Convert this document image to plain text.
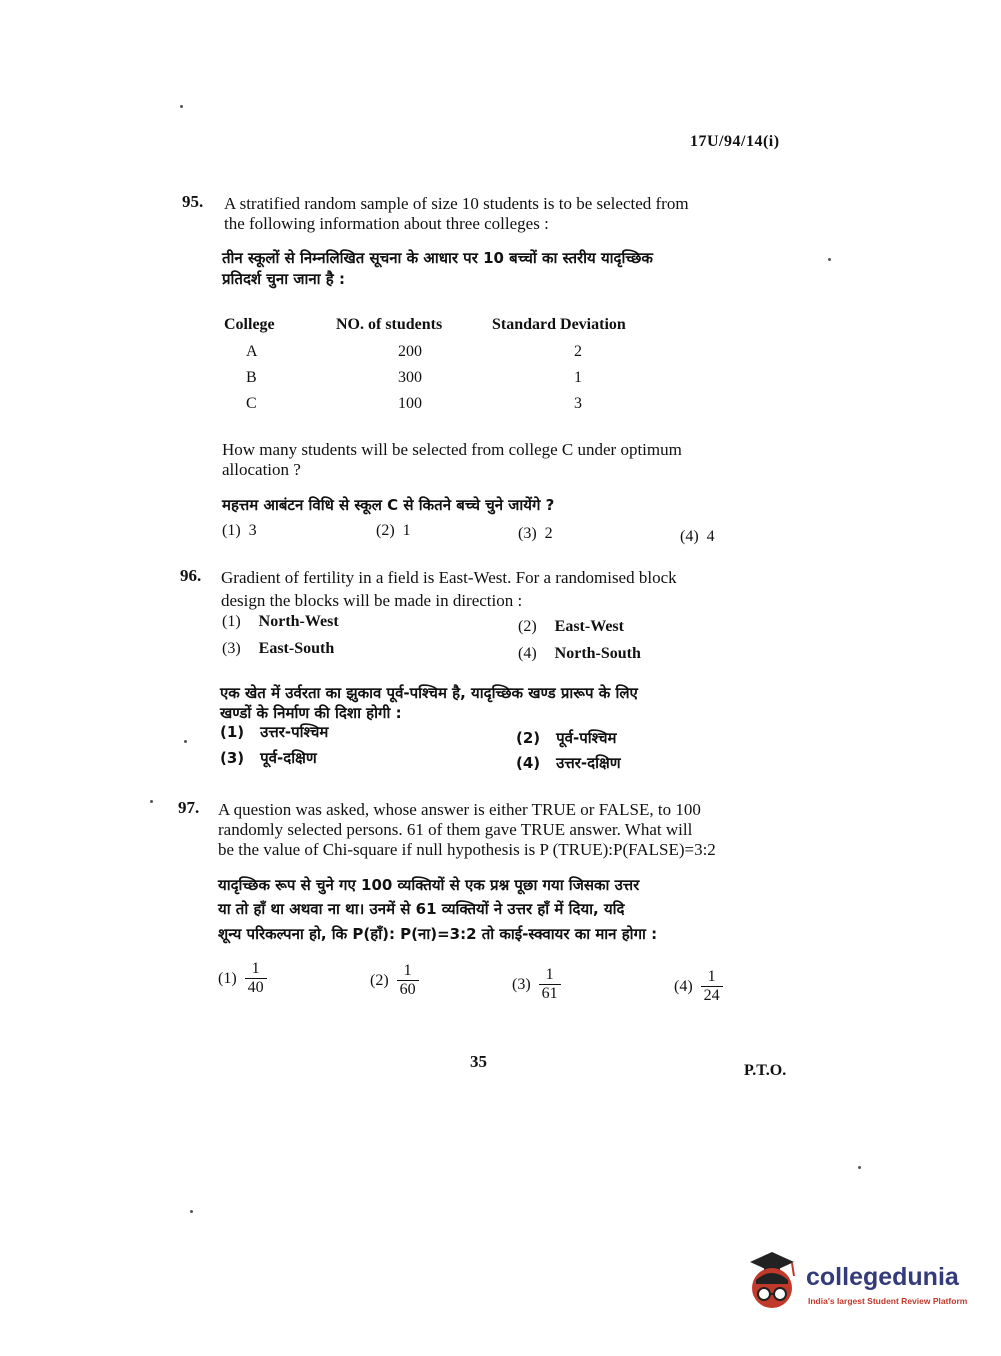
17U/94/14(i)
95. A stratified random sample of size 10 students is to be selected from
the following information about three colleges :
तीन स्कूलों से निम्नलिखित सूचना के आधार पर 10 बच्चों का स्तरीय यादृच्छिक
प्रतिदर्श चुना जाना है :
College	NO. of students	Standard Deviation
A	200	2
B	300	1
C	100	3
How many students will be selected from college C under optimum
allocation ?
महत्तम आबंटन विधि से स्कूल C से कितने बच्चे चुने जायेंगे ?
(1) 3	(2) 1	(3) 2	(4) 4
96. Gradient of fertility in a field is East-West. For a randomised block
design the blocks will be made in direction :
(1) North-West	(2) East-West
(3) East-South	(4) North-South
एक खेत में उर्वरता का झुकाव पूर्व-पश्चिम है, यादृच्छिक खण्ड प्रारूप के लिए
खण्डों के निर्माण की दिशा होगी :
(1) उत्तर-पश्चिम	(2) पूर्व-पश्चिम
(3) पूर्व-दक्षिण	(4) उत्तर-दक्षिण
97. A question was asked, whose answer is either TRUE or FALSE, to 100
randomly selected persons. 61 of them gave TRUE answer. What will
be the value of Chi-square if null hypothesis is P (TRUE):P(FALSE)=3:2
यादृच्छिक रूप से चुने गए 100 व्यक्तियों से एक प्रश्न पूछा गया जिसका उत्तर
या तो हाँ था अथवा ना था। उनमें से 61 व्यक्तियों ने उत्तर हाँ में दिया, यदि
शून्य परिकल्पना हो, कि P(हाँ): P(ना)=3:2 तो काई-स्क्वायर का मान होगा :
$(1) \frac{1}{40}$	$(2) \frac{1}{60}$	$(3) \frac{1}{61}$	$(4) \frac{1}{24}$
35	P.T.O.
collegedunia
India's largest Student Review Platform
